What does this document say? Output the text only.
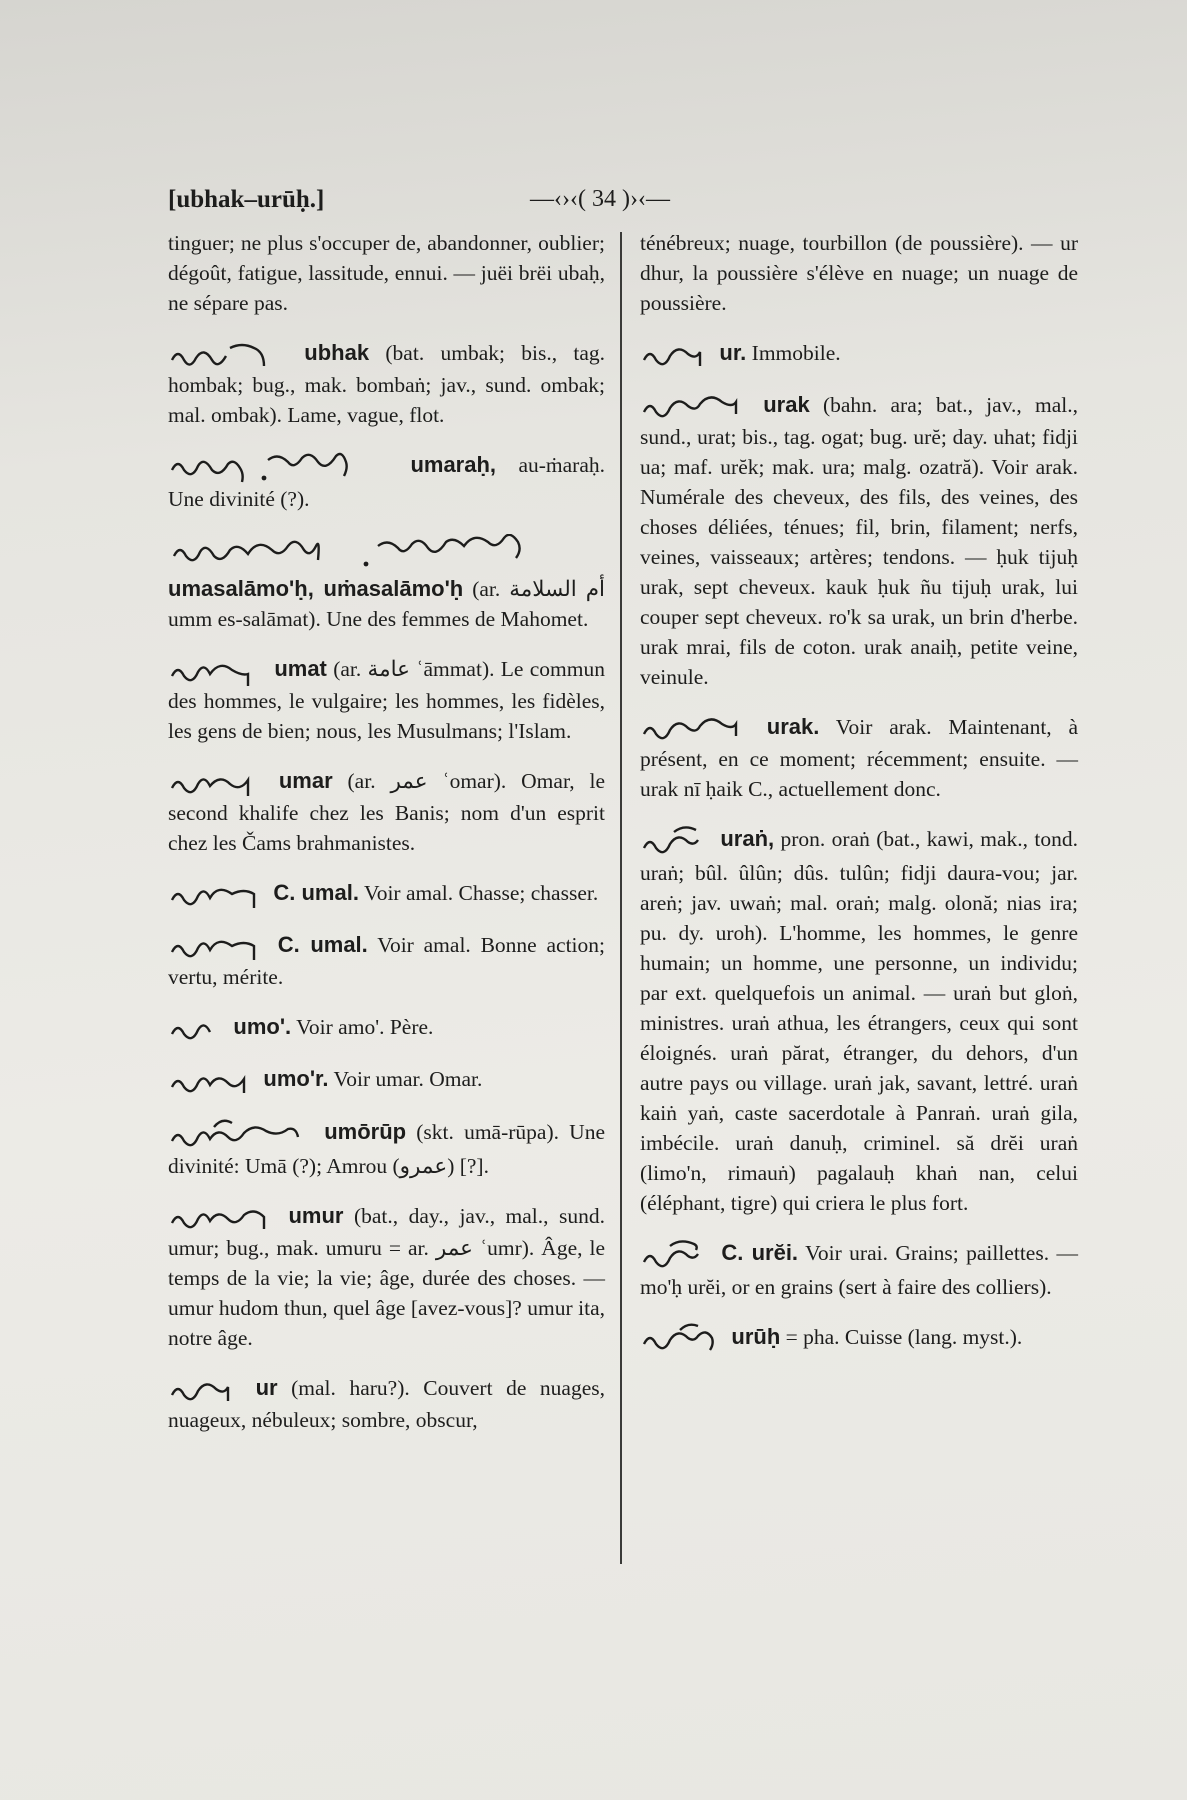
[ubhak–urūḥ.]	—‹›‹( 34 )›‹—

tinguer; ne plus s'occuper de, abandonner, oublier; dégoût, fatigue, lassitude, ennui. — juëi brëi ubaḥ, ne sépare pas.

ubhak (bat. umbak; bis., tag. hombak; bug., mak. bombaṅ; jav., sund. ombak; mal. ombak). Lame, vague, flot.

umaraḥ, au-ṁaraḥ. Une divinité (?).

umasalāmo'ḥ, uṁasalāmo'ḥ (ar. أم السلامة umm es-salāmat). Une des femmes de Mahomet.

umat (ar. عامة ʿāmmat). Le commun des hommes, le vulgaire; les hommes, les fidèles, les gens de bien; nous, les Musulmans; l'Islam.

umar (ar. عمر ʿomar). Omar, le second khalife chez les Banis; nom d'un esprit chez les Čams brahmanistes.

C. umal. Voir amal. Chasse; chasser.

C. umal. Voir amal. Bonne action; vertu, mérite.

umo'. Voir amo'. Père.

umo'r. Voir umar. Omar.

umōrūp (skt. umā-rūpa). Une divinité: Umā (?); Amrou (عمرو) [?].

umur (bat., day., jav., mal., sund. umur; bug., mak. umuru = ar. عمر ʿumr). Âge, le temps de la vie; la vie; âge, durée des choses. — umur hudom thun, quel âge [avez-vous]? umur ita, notre âge.

ur (mal. haru?). Couvert de nuages, nuageux, nébuleux; sombre, obscur,

ténébreux; nuage, tourbillon (de poussière). — ur dhur, la poussière s'élève en nuage; un nuage de poussière.

ur. Immobile.

urak (bahn. ara; bat., jav., mal., sund., urat; bis., tag. ogat; bug. urĕ; day. uhat; fidji ua; maf. urĕk; mak. ura; malg. ozatră). Voir arak. Numérale des cheveux, des fils, des veines, des choses déliées, ténues; fil, brin, filament; nerfs, veines, vaisseaux; artères; tendons. — ḥuk tijuḥ urak, sept cheveux. kauk ḥuk ñu tijuḥ urak, lui couper sept cheveux. ro'k sa urak, un brin d'herbe. urak mrai, fils de coton. urak anaiḥ, petite veine, veinule.

urak. Voir arak. Maintenant, à présent, en ce moment; récemment; ensuite. — urak nī ḥaik C., actuellement donc.

uraṅ, pron. oraṅ (bat., kawi, mak., tond. uraṅ; bûl. ûlûn; dûs. tulûn; fidji daura-vou; jar. areṅ; jav. uwaṅ; mal. oraṅ; malg. olonă; nias ira; pu. dy. uroh). L'homme, les hommes, le genre humain; un homme, une personne, un individu; par ext. quelquefois un animal. — uraṅ but gloṅ, ministres. uraṅ athua, les étrangers, ceux qui sont éloignés. uraṅ părat, étranger, du dehors, d'un autre pays ou village. uraṅ jak, savant, lettré. uraṅ kaiṅ yaṅ, caste sacerdotale à Panraṅ. uraṅ gila, imbécile. uraṅ danuḥ, criminel. să drĕi uraṅ (limo'n, rimauṅ) pagalauḥ khaṅ nan, celui (éléphant, tigre) qui criera le plus fort.

C. urĕi. Voir urai. Grains; paillettes. — mo'ḥ urĕi, or en grains (sert à faire des colliers).

urūḥ = pha. Cuisse (lang. myst.).
